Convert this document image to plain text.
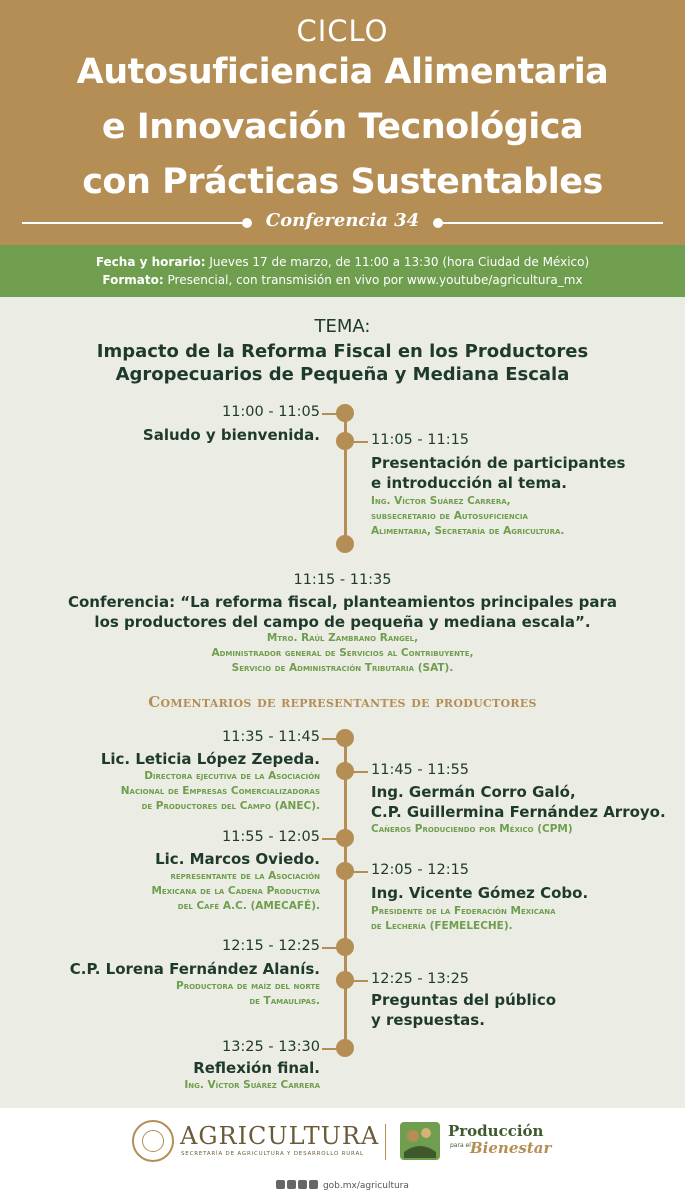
CICLO
Autosuficiencia Alimentaria
e Innovación Tecnológica
con Prácticas Sustentables
Conferencia 34
Fecha y horario: Jueves 17 de marzo, de 11:00 a 13:30 (hora Ciudad de México)
Formato: Presencial, con transmisión en vivo por www.youtube/agricultura_mx
TEMA:
Impacto de la Reforma Fiscal en los Productores
Agropecuarios de Pequeña y Mediana Escala
11:00 - 11:05
Saludo y bienvenida.	11:05 - 11:15
Presentación de participantes
e introducción al tema.
Ing. Víctor Suárez Carrera,
subsecretario de Autosuficiencia
Alimentaria, Secretaría de Agricultura.
11:15 - 11:35
Conferencia: “La reforma fiscal, planteamientos principales para
los productores del campo de pequeña y mediana escala”.
Mtro. Raúl Zambrano Rangel,
Administrador general de Servicios al Contribuyente,
Servicio de Administración Tributaria (SAT).
Comentarios de representantes de productores
11:35 - 11:45
Lic. Leticia López Zepeda.
Directora ejecutiva de la Asociación
Nacional de Empresas Comercializadoras
de Productores del Campo (ANEC).
11:45 - 11:55
Ing. Germán Corro Galó,
C.P. Guillermina Fernández Arroyo.
Cañeros Produciendo por México (CPM)
11:55 - 12:05
Lic. Marcos Oviedo.
representante de la Asociación
Mexicana de la Cadena Productiva
del Café A.C. (AMECAFÉ).
12:05 - 12:15
Ing. Vicente Gómez Cobo.
Presidente de la Federación Mexicana
de Lechería (FEMELECHE).
12:15 - 12:25
C.P. Lorena Fernández Alanís.
Productora de maíz del norte
de Tamaulipas.
12:25 - 13:25
Preguntas del público
y respuestas.
13:25 - 13:30
Reflexión final.
Ing. Víctor Suárez Carrera
AGRICULTURA
SECRETARÍA DE AGRICULTURA Y DESARROLLO RURAL
Producción
para el Bienestar
gob.mx/agricultura
